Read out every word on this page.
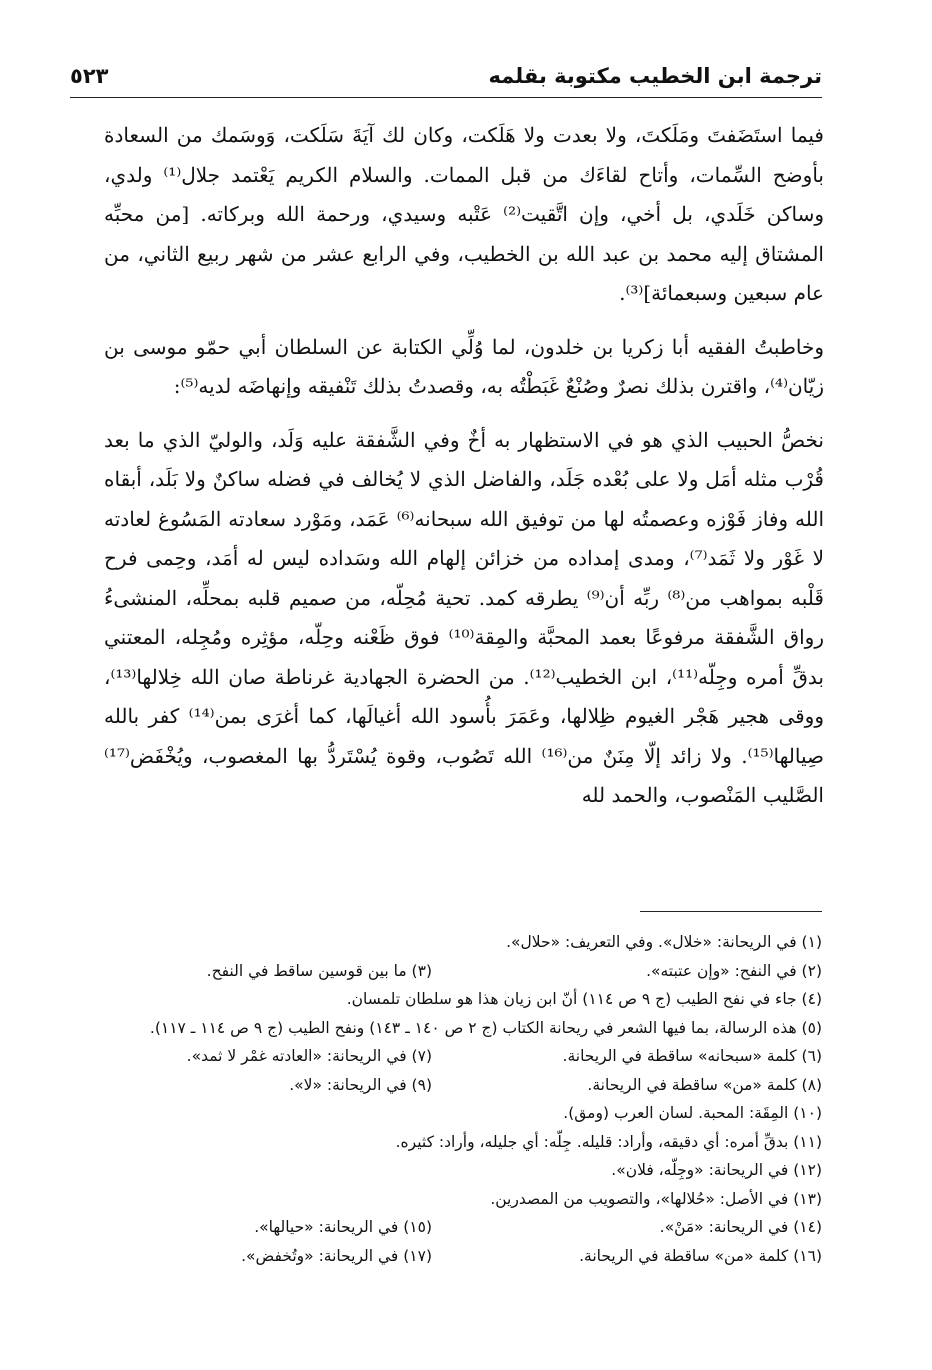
ترجمة ابن الخطيب مكتوبة بقلمه
٥٢٣

فيما استَضَفتَ ومَلَكتَ، ولا بعدت ولا هَلَكت، وكان لك آيَةَ سَلَكت، وَوسَمك من السعادة بأوضح السِّمات، وأتاح لقاءَك من قبل الممات. والسلام الكريم يَعْتمد جلال⁽¹⁾ ولدي، وساكن خَلَدي، بل أخي، وإن اتَّقيت⁽²⁾ عَتْبه وسيدي، ورحمة الله وبركاته. [من محبِّه المشتاق إليه محمد بن عبد الله بن الخطيب، وفي الرابع عشر من شهر ربيع الثاني، من عام سبعين وسبعمائة]⁽³⁾.

وخاطبتُ الفقيه أبا زكريا بن خلدون، لما وُلِّي الكتابة عن السلطان أبي حمّو موسى بن زيّان⁽⁴⁾، واقترن بذلك نصرٌ وصُنْعٌ غَبَطْتُه به، وقصدتُ بذلك تَنْفيقه وإنهاضَه لديه⁽⁵⁾:

نخصُّ الحبيب الذي هو في الاستظهار به أخٌ وفي الشَّفقة عليه وَلَد، والوليّ الذي ما بعد قُرْب مثله أمَل ولا على بُعْده جَلَد، والفاضل الذي لا يُخالف في فضله ساكنٌ ولا بَلَد، أبقاه الله وفاز فَوْزه وعصمتُه لها من توفيق الله سبحانه⁽⁶⁾ عَمَد، ومَوْرد سعادته المَسُوغ لعادته لا غَوْر ولا ثَمَد⁽⁷⁾، ومدى إمداده من خزائن إلهام الله وسَداده ليس له أمَد، وحِمى فرح قَلْبه بمواهب من⁽⁸⁾ ربِّه أن⁽⁹⁾ يطرقه كمد. تحية مُحِلّه، من صميم قلبه بمحلِّه، المنشىءُ رواق الشَّفقة مرفوعًا بعمد المحبَّة والمِقة⁽¹⁰⁾ فوق ظَعْنه وحِلّه، مؤثِره ومُجِله، المعتني بدقِّ أمره وجِلّه⁽¹¹⁾، ابن الخطيب⁽¹²⁾. من الحضرة الجهادية غرناطة صان الله خِلالها⁽¹³⁾، ووقى هجير هَجْر الغيوم ظِلالها، وعَمَرَ بأُسود الله أغيالَها، كما أغرَى بمن⁽¹⁴⁾ كفر بالله صِيالها⁽¹⁵⁾. ولا زائد إلّا مِنَنٌ من⁽¹⁶⁾ الله تَصُوب، وقوة يُسْتَردُّ بها المغصوب، ويُخْفَض⁽¹⁷⁾ الصَّليب المَنْصوب، والحمد لله

(١) في الريحانة: «خلال». وفي التعريف: «حلال».
(٢) في النفح: «وإن عتبته».
(٣) ما بين قوسين ساقط في النفح.
(٤) جاء في نفح الطيب (ج ٩ ص ١١٤) أنّ ابن زيان هذا هو سلطان تلمسان.
(٥) هذه الرسالة، بما فيها الشعر في ريحانة الكتاب (ج ٢ ص ١٤٠ ـ ١٤٣) ونفح الطيب (ج ٩ ص ١١٤ ـ ١١٧).
(٦) كلمة «سبحانه» ساقطة في الريحانة.
(٧) في الريحانة: «العادته غمْر لا ثمد».
(٨) كلمة «من» ساقطة في الريحانة.
(٩) في الريحانة: «لا».
(١٠) المِقَة: المحبة. لسان العرب (ومق).
(١١) بدقِّ أمره: أي دقيقه، وأراد: قليله. جِلّه: أي جليله، وأراد: كثيره.
(١٢) في الريحانة: «وجِلّه، فلان».
(١٣) في الأصل: «حُلالها»، والتصويب من المصدرين.
(١٤) في الريحانة: «مَنْ».
(١٥) في الريحانة: «حيالها».
(١٦) كلمة «من» ساقطة في الريحانة.
(١٧) في الريحانة: «وتُخفض».
